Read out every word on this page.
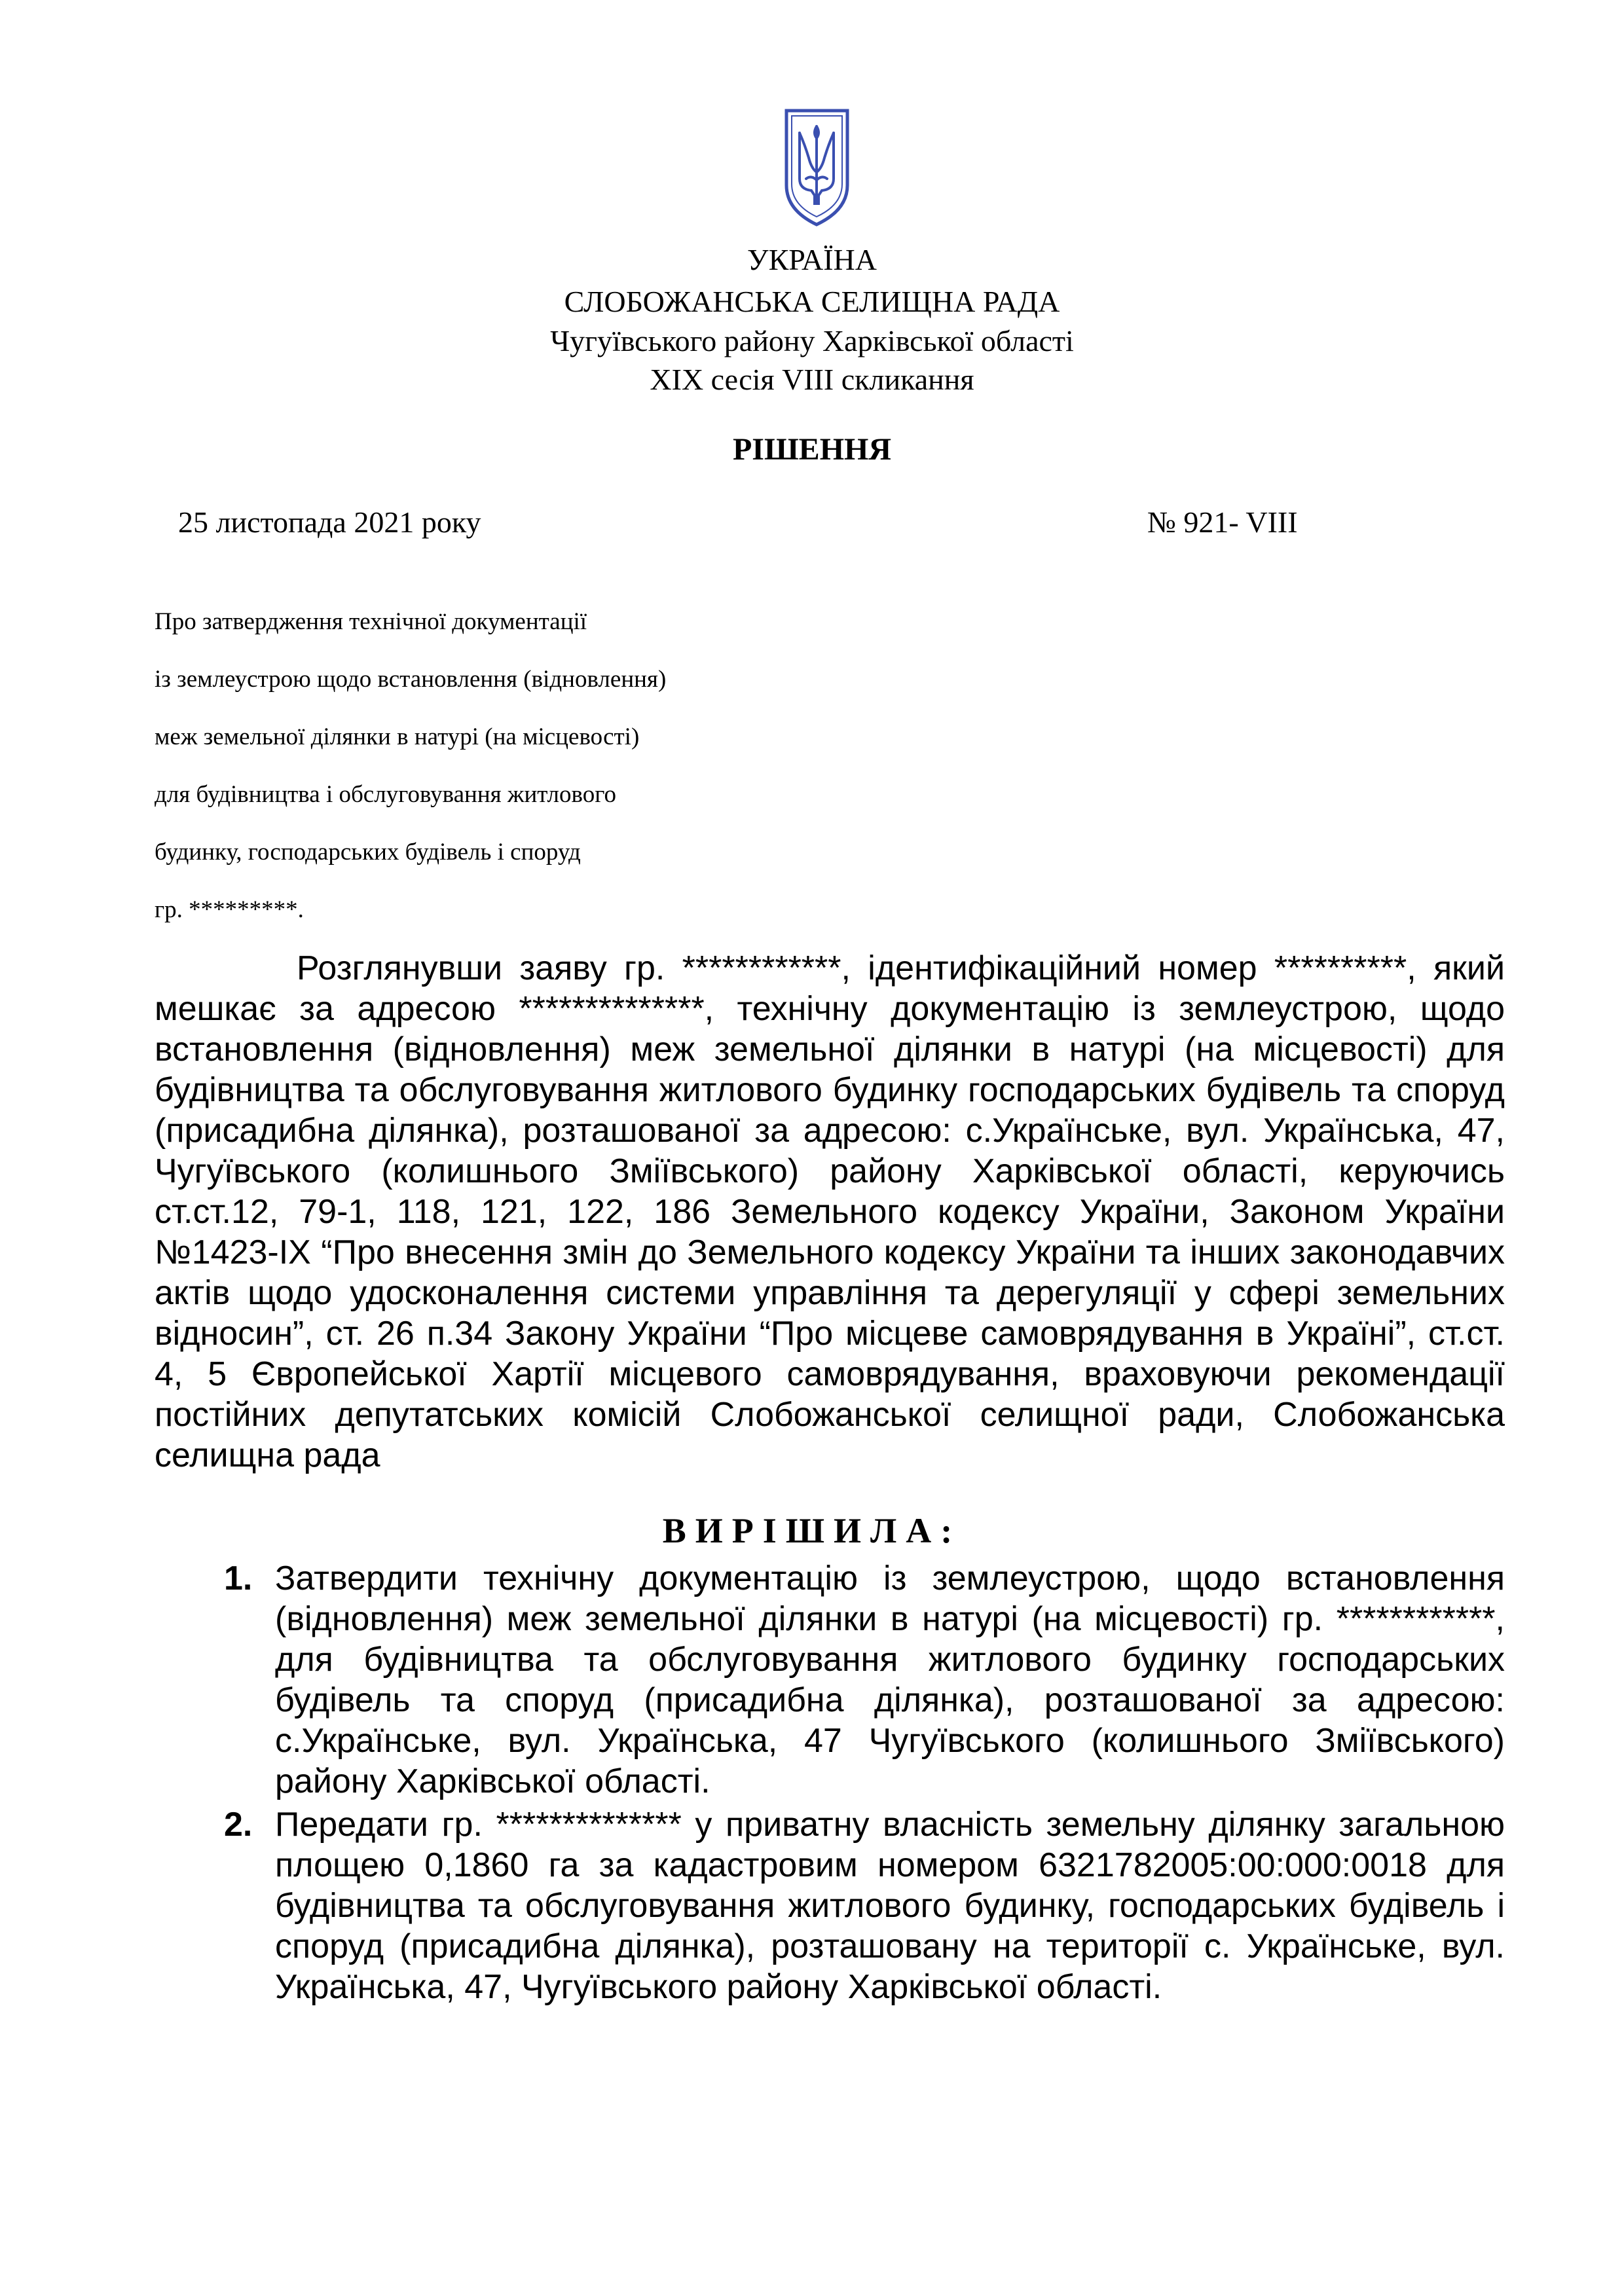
УКРАЇНА
СЛОБОЖАНСЬКА СЕЛИЩНА РАДА
Чугуївського району Харківської області
XIX сесія VIII скликання
РІШЕННЯ
25 листопада 2021 року	№ 921- VIII
Про затвердження технічної документації
із землеустрою щодо встановлення (відновлення)
меж земельної ділянки в натурі (на місцевості)
для будівництва і обслуговування житлового
будинку, господарських будівель і споруд
гр. *********.

Розглянувши заяву гр. ************, ідентифікаційний номер **********, який мешкає за адресою **************, технічну документацію із землеустрою, щодо встановлення (відновлення) меж земельної ділянки в натурі (на місцевості) для будівництва та обслуговування житлового будинку господарських будівель та споруд (присадибна ділянка), розташованої за адресою: с.Українське, вул. Українська, 47, Чугуївського (колишнього Зміївського) району Харківської області, керуючись ст.ст.12, 79-1, 118, 121, 122, 186 Земельного кодексу України, Законом України №1423-IX “Про внесення змін до Земельного кодексу України та інших законодавчих актів щодо удосконалення системи управління та дерегуляції у сфері земельних відносин”, ст. 26 п.34 Закону України “Про місцеве самоврядування в Україні”, ст.ст. 4, 5 Європейської Хартії місцевого самоврядування, враховуючи рекомендації постійних депутатських комісій Слобожанської селищної ради, Слобожанська селищна рада

ВИРІШИЛА:
1. Затвердити технічну документацію із землеустрою, щодо встановлення (відновлення) меж земельної ділянки в натурі (на місцевості) гр. ************, для будівництва та обслуговування житлового будинку господарських будівель та споруд (присадибна ділянка), розташованої за адресою: с.Українське, вул. Українська, 47 Чугуївського (колишнього Зміївського) району Харківської області.
2. Передати гр. ************** у приватну власність земельну ділянку загальною площею 0,1860 га за кадастровим номером 6321782005:00:000:0018 для будівництва та обслуговування житлового будинку, господарських будівель і споруд (присадибна ділянка), розташовану на території с. Українське, вул. Українська, 47, Чугуївського району Харківської області.
